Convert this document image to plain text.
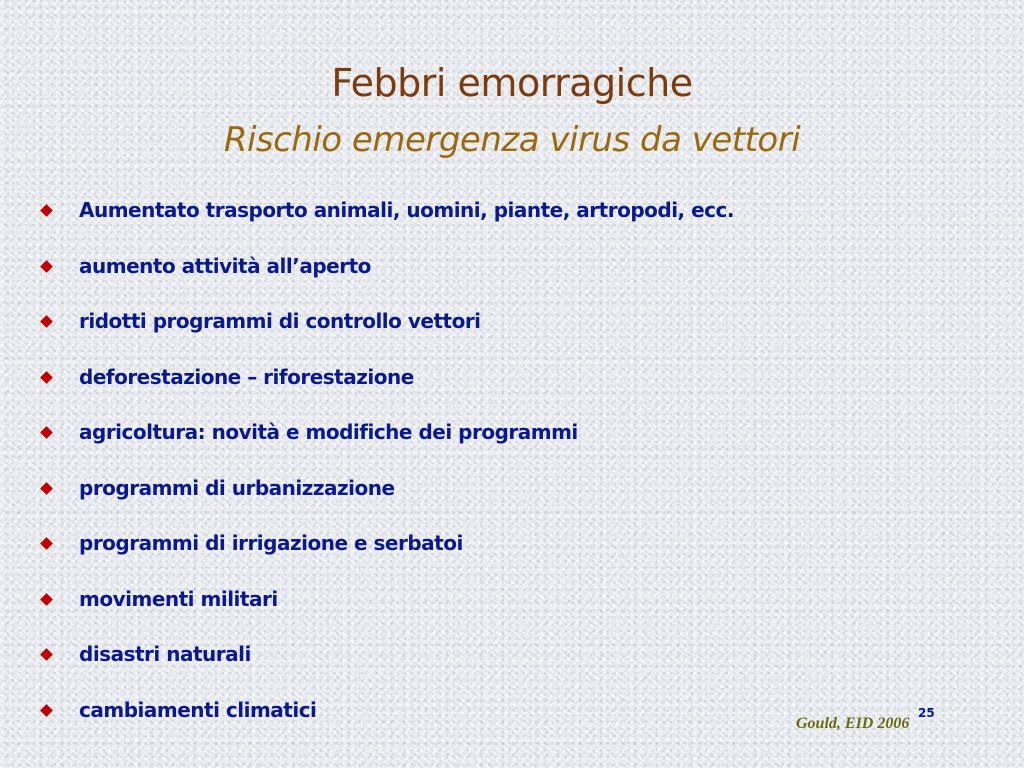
Febbri emorragiche
Rischio emergenza virus da vettori
Aumentato trasporto animali, uomini, piante, artropodi, ecc.
aumento attività all’aperto
ridotti programmi di controllo vettori
deforestazione – riforestazione
agricoltura: novità e modifiche dei programmi
programmi di urbanizzazione
programmi di irrigazione e serbatoi
movimenti militari
disastri naturali
cambiamenti climatici	25
Gould, EID 2006
